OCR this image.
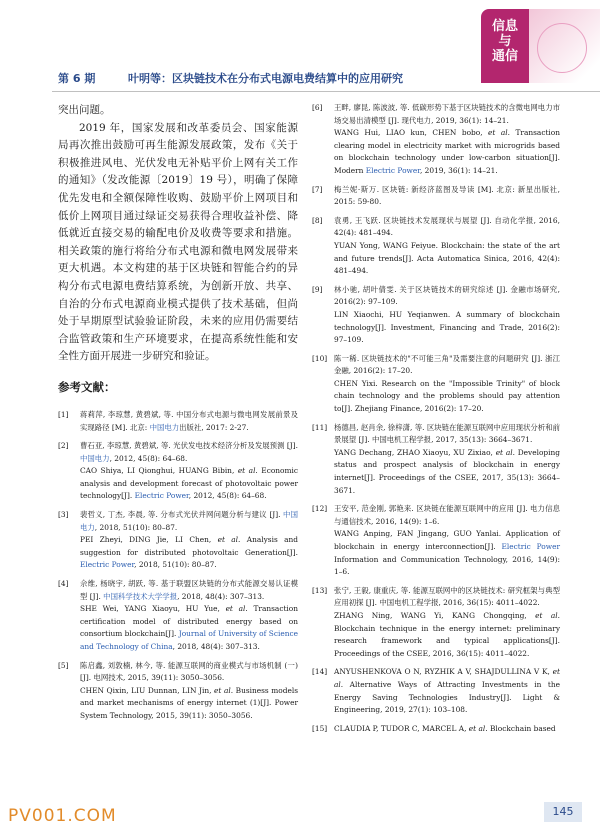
信息
与
通信
第 6 期	叶明等：区块链技术在分布式电源电费结算中的应用研究

突出问题。

2019 年，国家发展和改革委员会、国家能源局再次推出鼓励可再生能源发展政策，发布《关于积极推进风电、光伏发电无补贴平价上网有关工作的通知》（发改能源〔2019〕19 号），明确了保障优先发电和全额保障性收购、鼓励平价上网项目和低价上网项目通过绿证交易获得合理收益补偿、降低就近直接交易的输配电价及收费等要求和措施。相关政策的施行将给分布式电源和微电网发展带来更大机遇。本文构建的基于区块链和智能合约的异构分布式电源电费结算系统，为创新开放、共享、自治的分布式电源商业模式提供了技术基础，但尚处于早期原型试验验证阶段，未来的应用仍需要结合监管政策和生产环境要求，在提高系统性能和安全性方面开展进一步研究和验证。

参考文献：
[1] 蒋莉萍, 李琼慧, 黄碧斌, 等. 中国分布式电源与微电网发展前景及实现路径 [M]. 北京: 中国电力出版社, 2017: 2-27.
[2] 曹石亚, 李琼慧, 黄碧斌, 等. 光伏发电技术经济分析及发展预测 [J]. 中国电力, 2012, 45(8): 64–68.
CAO Shiya, LI Qionghui, HUANG Bibin, et al. Economic analysis and development forecast of photovoltaic power technology[J]. Electric Power, 2012, 45(8): 64–68.
[3] 裴哲义, 丁杰, 李晨, 等. 分布式光伏并网问题分析与建议 [J]. 中国电力, 2018, 51(10): 80–87.
PEI Zheyi, DING Jie, LI Chen, et al. Analysis and suggestion for distributed photovoltaic Generation[J]. Electric Power, 2018, 51(10): 80–87.
[4] 佘维, 杨晓宇, 胡跃, 等. 基于联盟区块链的分布式能源交易认证模型 [J]. 中国科学技术大学学报, 2018, 48(4): 307–313.
SHE Wei, YANG Xiaoyu, HU Yue, et al. Transaction certification model of distributed energy based on consortium blockchain[J]. Journal of University of Science and Technology of China, 2018, 48(4): 307–313.
[5] 陈启鑫, 刘敦楠, 林今, 等. 能源互联网的商业模式与市场机制 (一)[J]. 电网技术, 2015, 39(11): 3050–3056.
CHEN Qixin, LIU Dunnan, LIN Jin, et al. Business models and market mechanisms of energy internet (1)[J]. Power System Technology, 2015, 39(11): 3050–3056.
[6] 王畔, 廖昆, 陈波波, 等. 低碳形势下基于区块链技术的含微电网电力市场交易出清模型 [J]. 现代电力, 2019, 36(1): 14–21.
WANG Hui, LIAO kun, CHEN bobo, et al. Transaction clearing model in electricity market with microgrids based on blockchain technology under low-carbon situation[J]. Modern Electric Power, 2019, 36(1): 14–21.
[7] 梅兰妮·斯万. 区块链: 新经济蓝图及导读 [M]. 北京: 新星出版社, 2015: 59-80.
[8] 袁勇, 王飞跃. 区块链技术发展现状与展望 [J]. 自动化学报, 2016, 42(4): 481–494.
YUAN Yong, WANG Feiyue. Blockchain: the state of the art and future trends[J]. Acta Automatica Sinica, 2016, 42(4): 481–494.
[9] 林小驰, 胡叶倩雯. 关于区块链技术的研究综述 [J]. 金融市场研究, 2016(2): 97–109.
LIN Xiaochi, HU Yeqianwen. A summary of blockchain technology[J]. Investment, Financing and Trade, 2016(2): 97–109.
[10] 陈一稀. 区块链技术的"不可能三角"及需要注意的问题研究 [J]. 浙江金融, 2016(2): 17–20.
CHEN Yixi. Research on the "Impossible Trinity" of block chain technology and the problems should pay attention to[J]. Zhejiang Finance, 2016(2): 17–20.
[11] 杨德昌, 赵肖余, 徐梓潇, 等. 区块链在能源互联网中应用现状分析和前景展望 [J]. 中国电机工程学报, 2017, 35(13): 3664–3671.
YANG Dechang, ZHAO Xiaoyu, XU Zixiao, et al. Developing status and prospect analysis of blockchain in energy internet[J]. Proceedings of the CSEE, 2017, 35(13): 3664–3671.
[12] 王安平, 范金刚, 郭艳来. 区块链在能源互联网中的应用 [J]. 电力信息与通信技术, 2016, 14(9): 1–6.
WANG Anping, FAN Jingang, GUO Yanlai. Application of blockchain in energy interconnection[J]. Electric Power Information and Communication Technology, 2016, 14(9): 1–6.
[13] 张宁, 王毅, 康重庆, 等. 能源互联网中的区块链技术: 研究框架与典型应用初探 [J]. 中国电机工程学报, 2016, 36(15): 4011–4022.
ZHANG Ning, WANG Yi, KANG Chongqing, et al. Blockchain technique in the energy internet: preliminary research framework and typical applications[J]. Proceedings of the CSEE, 2016, 36(15): 4011–4022.
[14] ANYUSHENKOVA O N, RYZHIK A V, SHAJDULLINA V K, et al. Alternative Ways of Attracting Investments in the Energy Saving Technologies Industry[J]. Light & Engineering, 2019, 27(1): 103–108.
[15] CLAUDIA P, TUDOR C, MARCEL A, et al. Blockchain based
145
PV001.COM
